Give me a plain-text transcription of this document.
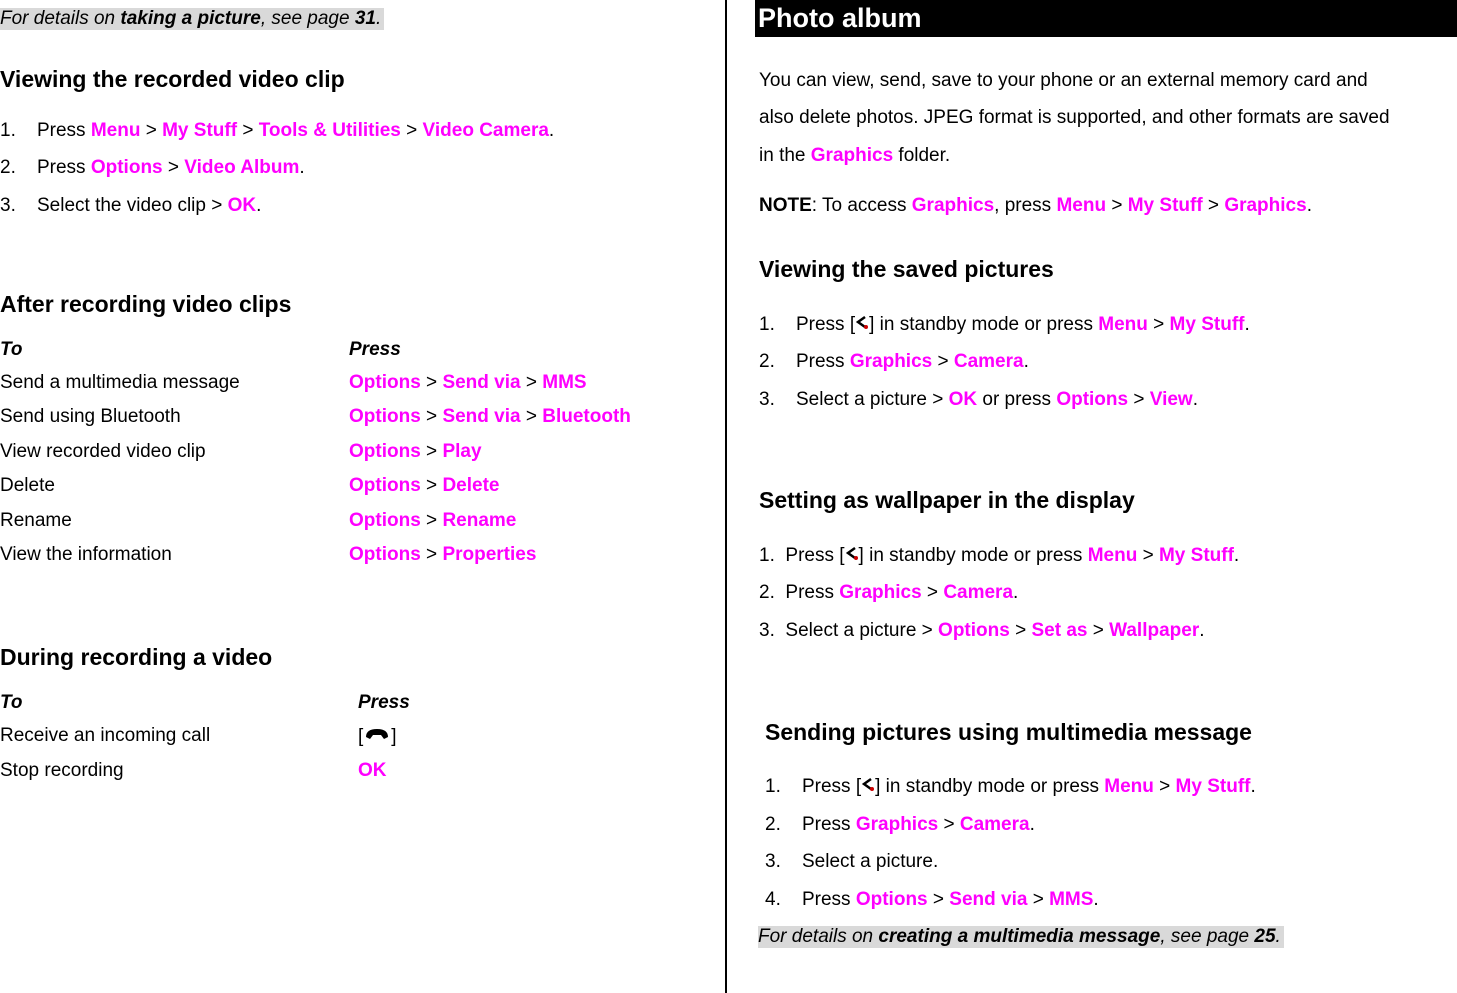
For details on taking a picture, see page 31.
Viewing the recorded video clip
1. Press Menu > My Stuff > Tools & Utilities > Video Camera.
2. Press Options > Video Album.
3. Select the video clip > OK.
After recording video clips
To	Press
Send a multimedia message	Options > Send via > MMS
Send using Bluetooth	Options > Send via > Bluetooth
View recorded video clip	Options > Play
Delete	Options > Delete
Rename	Options > Rename
View the information	Options > Properties
During recording a video
To	Press
Receive an incoming call	[ ]
Stop recording	OK
Photo album
You can view, send, save to your phone or an external memory card and
also delete photos. JPEG format is supported, and other formats are saved
in the Graphics folder.
NOTE: To access Graphics, press Menu > My Stuff > Graphics.
Viewing the saved pictures
1. Press [ ] in standby mode or press Menu > My Stuff.
2. Press Graphics > Camera.
3. Select a picture > OK or press Options > View.
Setting as wallpaper in the display
1. Press [ ] in standby mode or press Menu > My Stuff.
2. Press Graphics > Camera.
3. Select a picture > Options > Set as > Wallpaper.
Sending pictures using multimedia message
1. Press [ ] in standby mode or press Menu > My Stuff.
2. Press Graphics > Camera.
3. Select a picture.
4. Press Options > Send via > MMS.
For details on creating a multimedia message, see page 25.
